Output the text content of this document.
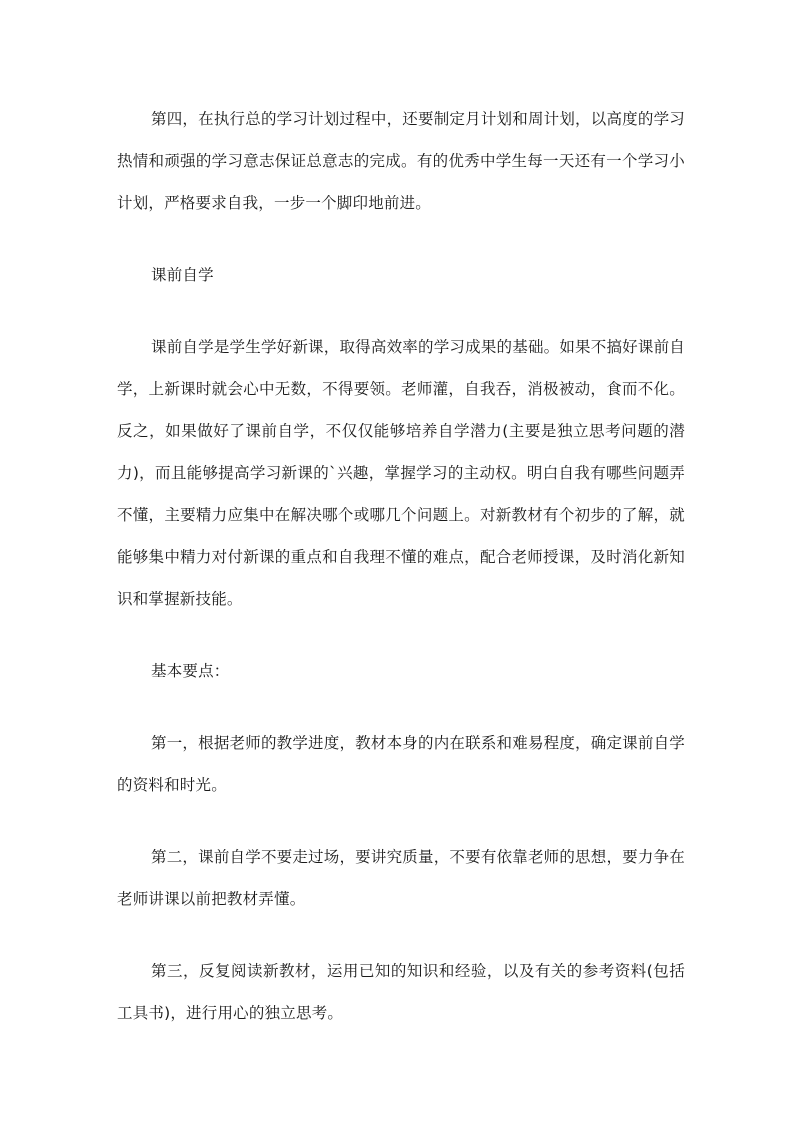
第四，在执行总的学习计划过程中，还要制定月计划和周计划，以高度的学习热情和顽强的学习意志保证总意志的完成。有的优秀中学生每一天还有一个学习小计划，严格要求自我，一步一个脚印地前进。

课前自学

课前自学是学生学好新课，取得高效率的学习成果的基础。如果不搞好课前自学，上新课时就会心中无数，不得要领。老师灌，自我吞，消极被动，食而不化。反之，如果做好了课前自学，不仅仅能够培养自学潜力(主要是独立思考问题的潜力)，而且能够提高学习新课的`兴趣，掌握学习的主动权。明白自我有哪些问题弄不懂，主要精力应集中在解决哪个或哪几个问题上。对新教材有个初步的了解，就能够集中精力对付新课的重点和自我理不懂的难点，配合老师授课，及时消化新知识和掌握新技能。

基本要点：

第一，根据老师的教学进度，教材本身的内在联系和难易程度，确定课前自学的资料和时光。

第二，课前自学不要走过场，要讲究质量，不要有依靠老师的思想，要力争在老师讲课以前把教材弄懂。

第三，反复阅读新教材，运用已知的知识和经验，以及有关的参考资料(包括工具书)，进行用心的独立思考。
